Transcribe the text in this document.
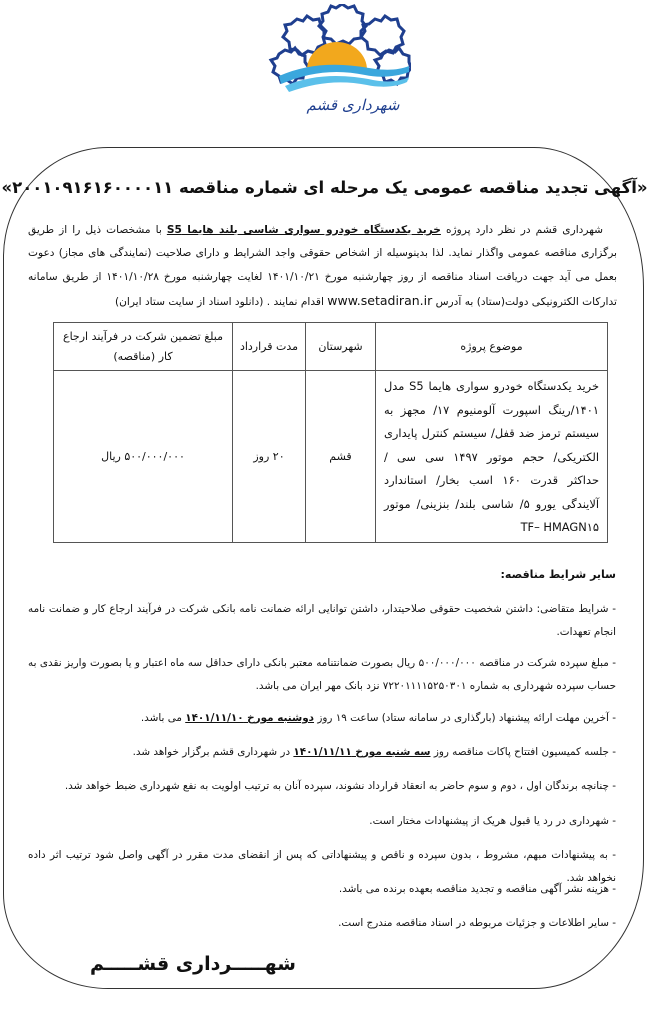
شهرداری قشم
«آگهی تجدید مناقصه عمومی یک مرحله ای شماره مناقصه ۲۰۰۱۰۹۱۶۱۶۰۰۰۰۱۱»
شهرداری قشم در نظر دارد پروژه خرید یکدستگاه خودرو سواری شاسی بلند هایما S5 با مشخصات ذیل را از طریق برگزاری مناقصه عمومی واگذار نماید. لذا بدینوسیله از اشخاص حقوقی واجد الشرایط و دارای صلاحیت (نمایندگی های مجاز) دعوت بعمل می آید جهت دریافت اسناد مناقصه از روز چهارشنبه مورخ ۱۴۰۱/۱۰/۲۱ لغایت چهارشنبه مورخ ۱۴۰۱/۱۰/۲۸ از طریق سامانه تدارکات الکترونیکی دولت(ستاد) به آدرس www.setadiran.ir اقدام نمایند . (دانلود اسناد از سایت ستاد ایران)
موضوع پروژه	شهرستان	مدت قرارداد	مبلغ تضمین شرکت در فرآیند ارجاع کار (مناقصه)
خرید یکدستگاه خودرو سواری هایما S5 مدل ۱۴۰۱/رینگ اسپورت آلومنیوم ۱۷/ مجهز به سیستم ترمز ضد قفل/ سیستم کنترل پایداری الکتریکی/ حجم موتور ۱۴۹۷ سی سی / حداکثر قدرت ۱۶۰ اسب بخار/ استاندارد آلایندگی یورو ۵/ شاسی بلند/ بنزینی/ موتور TF– HMAGN۱۵	قشم	۲۰ روز	۵۰۰/۰۰۰/۰۰۰ ریال
سایر شرایط مناقصه:
- شرایط متقاضی: داشتن شخصیت حقوقی صلاحیتدار، داشتن توانایی ارائه ضمانت نامه بانکی شرکت در فرآیند ارجاع کار و ضمانت نامه انجام تعهدات.
- مبلغ سپرده شرکت در مناقصه ۵۰۰/۰۰۰/۰۰۰ ریال بصورت ضمانتنامه معتبر بانکی دارای حداقل سه ماه اعتبار و یا بصورت واریز نقدی به حساب سپرده شهرداری به شماره ۷۲۲۰۱۱۱۱۵۲۵۰۳۰۱ نزد بانک مهر ایران می باشد.
- آخرین مهلت ارائه پیشنهاد (بارگذاری در سامانه ستاد) ساعت ۱۹ روز دوشنبه مورخ ۱۴۰۱/۱۱/۱۰ می باشد.
- جلسه کمیسیون افتتاح پاکات مناقصه روز سه شنبه مورخ ۱۴۰۱/۱۱/۱۱ در شهرداری قشم برگزار خواهد شد.
- چنانچه برندگان اول ، دوم و سوم حاضر به انعقاد قرارداد نشوند، سپرده آنان به ترتیب اولویت به نفع شهرداری ضبط خواهد شد.
- شهرداری در رد یا قبول هریک از پیشنهادات مختار است.
- به پیشنهادات مبهم، مشروط ، بدون سپرده و ناقص و پیشنهاداتی که پس از انقضای مدت مقرر در آگهی واصل شود ترتیب اثر داده نخواهد شد.
- هزینه نشر آگهی مناقصه و تجدید مناقصه بعهده برنده می باشد.
- سایر اطلاعات و جزئیات مربوطه در اسناد مناقصه مندرج است.
شهـــــرداری قشـــــم
